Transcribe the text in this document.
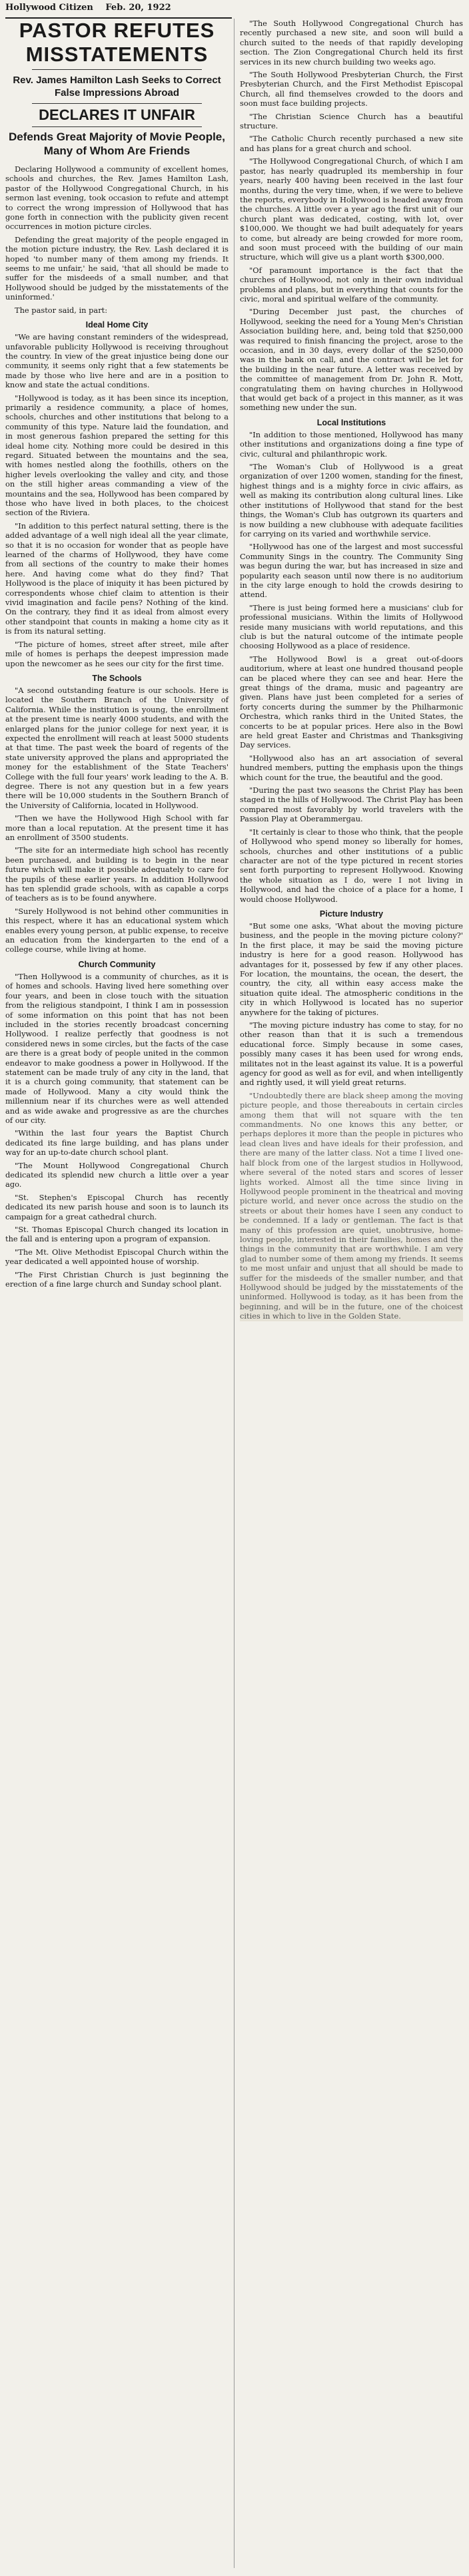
Hollywood Citizen Feb. 20, 1922
PASTOR REFUTES
MISSTATEMENTS
Rev. James Hamilton Lash Seeks to Correct False Impressions Abroad
DECLARES IT UNFAIR
Defends Great Majority of Movie People, Many of Whom Are Friends

Declaring Hollywood a community of excellent homes, schools and churches, the Rev. James Hamilton Lash, pastor of the Hollywood Congregational Church, in his sermon last evening, took occasion to refute and attempt to correct the wrong impression of Hollywood that has gone forth in connection with the publicity given recent occurrences in motion picture circles.

Defending the great majority of the people engaged in the motion picture industry, the Rev. Lash declared it is hoped 'to number many of them among my friends. It seems to me unfair,' he said, 'that all should be made to suffer for the misdeeds of a small number, and that Hollywood should be judged by the misstatements of the uninformed.'

The pastor said, in part:

Ideal Home City

"We are having constant reminders of the widespread, unfavorable publicity Hollywood is receiving throughout the country. In view of the great injustice being done our community, it seems only right that a few statements be made by those who live here and are in a position to know and state the actual conditions.

"Hollywood is today, as it has been since its inception, primarily a residence community, a place of homes, schools, churches and other institutions that belong to a community of this type. Nature laid the foundation, and in most generous fashion prepared the setting for this ideal home city. Nothing more could be desired in this regard. Situated between the mountains and the sea, with homes nestled along the foothills, others on the higher levels overlooking the valley and city, and those on the still higher areas commanding a view of the mountains and the sea, Hollywood has been compared by those who have lived in both places, to the choicest section of the Riviera.

"In addition to this perfect natural setting, there is the added advantage of a well nigh ideal all the year climate, so that it is no occasion for wonder that as people have learned of the charms of Hollywood, they have come from all sections of the country to make their homes here. And having come what do they find? That Hollywood is the place of iniquity it has been pictured by correspondents whose chief claim to attention is their vivid imagination and facile pens? Nothing of the kind. On the contrary, they find it as ideal from almost every other standpoint that counts in making a home city as it is from its natural setting.

"The picture of homes, street after street, mile after mile of homes is perhaps the deepest impression made upon the newcomer as he sees our city for the first time.

The Schools

"A second outstanding feature is our schools. Here is located the Southern Branch of the University of California. While the institution is young, the enrollment at the present time is nearly 4000 students, and with the enlarged plans for the junior college for next year, it is expected the enrollment will reach at least 5000 students at that time. The past week the board of regents of the state university approved the plans and appropriated the money for the establishment of the State Teachers' College with the full four years' work leading to the A. B. degree. There is not any question but in a few years there will be 10,000 students in the Southern Branch of the University of California, located in Hollywood.

"Then we have the Hollywood High School with far more than a local reputation. At the present time it has an enrollment of 3500 students.

"The site for an intermediate high school has recently been purchased, and building is to begin in the near future which will make it possible adequately to care for the pupils of these earlier years. In addition Hollywood has ten splendid grade schools, with as capable a corps of teachers as is to be found anywhere.

"Surely Hollywood is not behind other communities in this respect, where it has an educational system which enables every young person, at public expense, to receive an education from the kindergarten to the end of a college course, while living at home.

Church Community

"Then Hollywood is a community of churches, as it is of homes and schools. Having lived here something over four years, and been in close touch with the situation from the religious standpoint, I think I am in possession of some information on this point that has not been included in the stories recently broadcast concerning Hollywood. I realize perfectly that goodness is not considered news in some circles, but the facts of the case are there is a great body of people united in the common endeavor to make goodness a power in Hollywood. If the statement can be made truly of any city in the land, that it is a church going community, that statement can be made of Hollywood. Many a city would think the millennium near if its churches were as well attended and as wide awake and progressive as are the churches of our city.

"Within the last four years the Baptist Church dedicated its fine large building, and has plans under way for an up-to-date church school plant.

"The Mount Hollywood Congregational Church dedicated its splendid new church a little over a year ago.

"St. Stephen's Episcopal Church has recently dedicated its new parish house and soon is to launch its campaign for a great cathedral church.

"St. Thomas Episcopal Church changed its location in the fall and is entering upon a program of expansion.

"The Mt. Olive Methodist Episcopal Church within the year dedicated a well appointed house of worship.

"The First Christian Church is just beginning the erection of a fine large church and Sunday school plant.

"The South Hollywood Congregational Church has recently purchased a new site, and soon will build a church suited to the needs of that rapidly developing section. The Zion Congregational Church held its first services in its new church building two weeks ago.

"The South Hollywood Presbyterian Church, the First Presbyterian Church, and the First Methodist Episcopal Church, all find themselves crowded to the doors and soon must face building projects.

"The Christian Science Church has a beautiful structure.

"The Catholic Church recently purchased a new site and has plans for a great church and school.

"The Hollywood Congregational Church, of which I am pastor, has nearly quadrupled its membership in four years, nearly 400 having been received in the last four months, during the very time, when, if we were to believe the reports, everybody in Hollywood is headed away from the churches. A little over a year ago the first unit of our church plant was dedicated, costing, with lot, over $100,000. We thought we had built adequately for years to come, but already are being crowded for more room, and soon must proceed with the building of our main structure, which will give us a plant worth $300,000.

"Of paramount importance is the fact that the churches of Hollywood, not only in their own individual problems and plans, but in everything that counts for the civic, moral and spiritual welfare of the community.

"During December just past, the churches of Hollywood, seeking the need for a Young Men's Christian Association building here, and, being told that $250,000 was required to finish financing the project, arose to the occasion, and in 30 days, every dollar of the $250,000 was in the bank on call, and the contract will be let for the building in the near future. A letter was received by the committee of management from Dr. John R. Mott, congratulating them on having churches in Hollywood that would get back of a project in this manner, as it was something new under the sun.

Local Institutions

"In addition to those mentioned, Hollywood has many other institutions and organizations doing a fine type of civic, cultural and philanthropic work.

"The Woman's Club of Hollywood is a great organization of over 1200 women, standing for the finest, highest things and is a mighty force in civic affairs, as well as making its contribution along cultural lines. Like other institutions of Hollywood that stand for the best things, the Woman's Club has outgrown its quarters and is now building a new clubhouse with adequate facilities for carrying on its varied and worthwhile service.

"Hollywood has one of the largest and most successful Community Sings in the country. The Community Sing was begun during the war, but has increased in size and popularity each season until now there is no auditorium in the city large enough to hold the crowds desiring to attend.

"There is just being formed here a musicians' club for professional musicians. Within the limits of Hollywood reside many musicians with world reputations, and this club is but the natural outcome of the intimate people choosing Hollywood as a place of residence.

"The Hollywood Bowl is a great out-of-doors auditorium, where at least one hundred thousand people can be placed where they can see and hear. Here the great things of the drama, music and pageantry are given. Plans have just been completed for a series of forty concerts during the summer by the Philharmonic Orchestra, which ranks third in the United States, the concerts to be at popular prices. Here also in the Bowl are held great Easter and Christmas and Thanksgiving Day services.

"Hollywood also has an art association of several hundred members, putting the emphasis upon the things which count for the true, the beautiful and the good.

"During the past two seasons the Christ Play has been staged in the hills of Hollywood. The Christ Play has been compared most favorably by world travelers with the Passion Play at Oberammergau.

"It certainly is clear to those who think, that the people of Hollywood who spend money so liberally for homes, schools, churches and other institutions of a public character are not of the type pictured in recent stories sent forth purporting to represent Hollywood. Knowing the whole situation as I do, were I not living in Hollywood, and had the choice of a place for a home, I would choose Hollywood.

Picture Industry

"But some one asks, 'What about the moving picture business, and the people in the moving picture colony?' In the first place, it may be said the moving picture industry is here for a good reason. Hollywood has advantages for it, possessed by few if any other places. For location, the mountains, the ocean, the desert, the country, the city, all within easy access make the situation quite ideal. The atmospheric conditions in the city in which Hollywood is located has no superior anywhere for the taking of pictures.

"The moving picture industry has come to stay, for no other reason than that it is such a tremendous educational force. Simply because in some cases, possibly many cases it has been used for wrong ends, militates not in the least against its value. It is a powerful agency for good as well as for evil, and when intelligently and rightly used, it will yield great returns.

"Undoubtedly there are black sheep among the moving picture people, and those thereabouts in certain circles among them that will not square with the ten commandments. No one knows this any better, or perhaps deplores it more than the people in pictures who lead clean lives and have ideals for their profession, and there are many of the latter class. Not a time I lived one-half block from one of the largest studios in Hollywood, where several of the noted stars and scores of lesser lights worked. Almost all the time since living in Hollywood people prominent in the theatrical and moving picture world, and never once across the studio on the streets or about their homes have I seen any conduct to be condemned. If a lady or gentleman. The fact is that many of this profession are quiet, unobtrusive, home-loving people, interested in their families, homes and the things in the community that are worthwhile. I am very glad to number some of them among my friends. It seems to me most unfair and unjust that all should be made to suffer for the misdeeds of the smaller number, and that Hollywood should be judged by the misstatements of the uninformed. Hollywood is today, as it has been from the beginning, and will be in the future, one of the choicest cities in which to live in the Golden State.
